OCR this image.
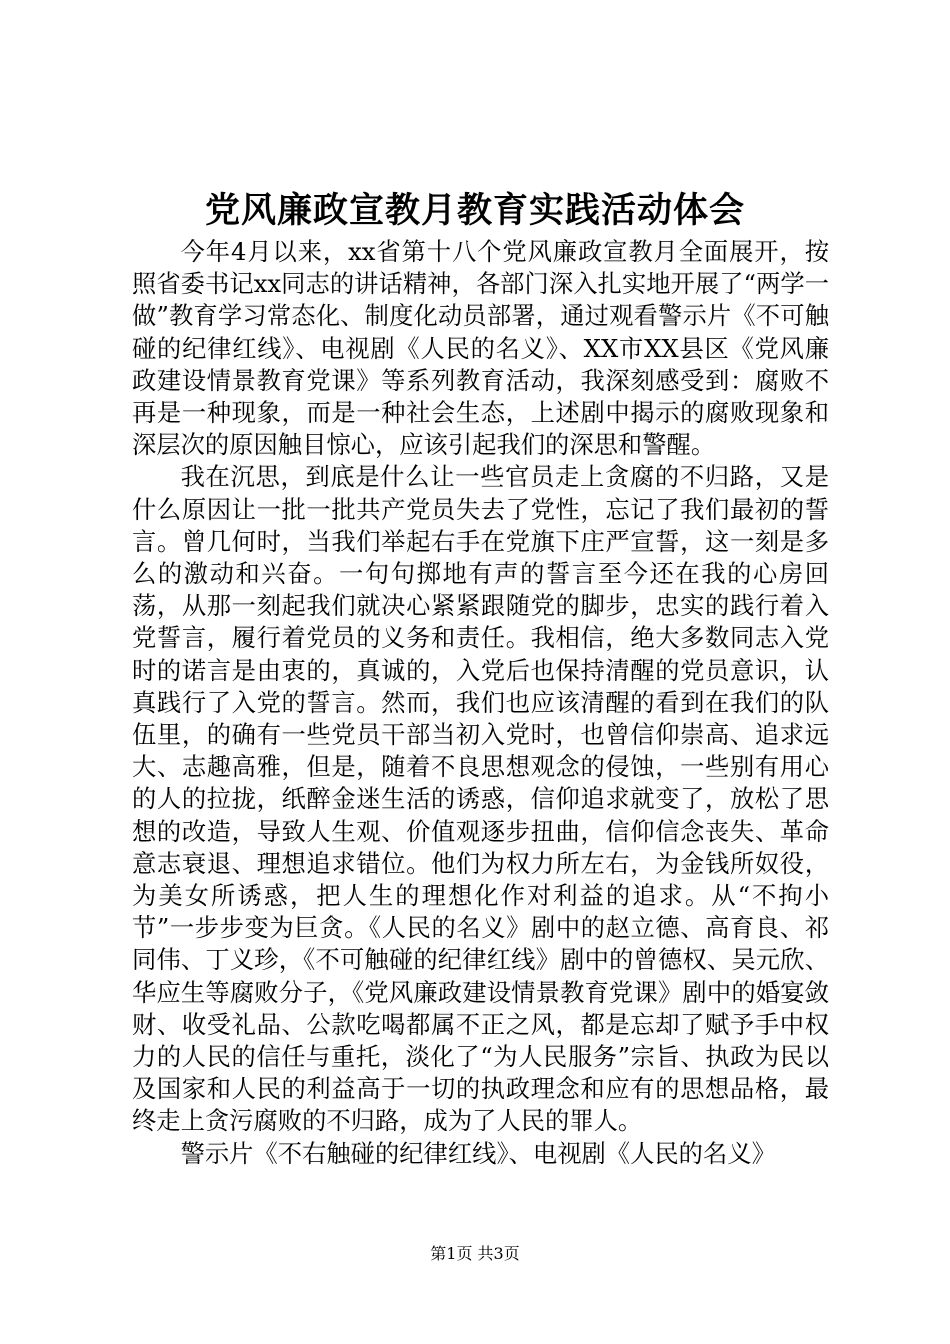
党风廉政宣教月教育实践活动体会

今年4月以来，xx省第十八个党风廉政宣教月全面展开，按照省委书记xx同志的讲话精神，各部门深入扎实地开展了“两学一做”教育学习常态化、制度化动员部署，通过观看警示片《不可触碰的纪律红线》、电视剧《人民的名义》、XX市XX县区《党风廉政建设情景教育党课》等系列教育活动，我深刻感受到：腐败不再是一种现象，而是一种社会生态，上述剧中揭示的腐败现象和深层次的原因触目惊心，应该引起我们的深思和警醒。

我在沉思，到底是什么让一些官员走上贪腐的不归路，又是什么原因让一批一批共产党员失去了党性，忘记了我们最初的誓言。曾几何时，当我们举起右手在党旗下庄严宣誓，这一刻是多么的激动和兴奋。一句句掷地有声的誓言至今还在我的心房回荡，从那一刻起我们就决心紧紧跟随党的脚步，忠实的践行着入党誓言，履行着党员的义务和责任。我相信，绝大多数同志入党时的诺言是由衷的，真诚的，入党后也保持清醒的党员意识，认真践行了入党的誓言。然而，我们也应该清醒的看到在我们的队伍里，的确有一些党员干部当初入党时，也曾信仰崇高、追求远大、志趣高雅，但是，随着不良思想观念的侵蚀，一些别有用心的人的拉拢，纸醉金迷生活的诱惑，信仰追求就变了，放松了思想的改造，导致人生观、价值观逐步扭曲，信仰信念丧失、革命意志衰退、理想追求错位。他们为权力所左右，为金钱所奴役，为美女所诱惑，把人生的理想化作对利益的追求。从“不拘小节”一步步变为巨贪。《人民的名义》剧中的赵立德、高育良、祁同伟、丁义珍，《不可触碰的纪律红线》剧中的曾德权、吴元欣、华应生等腐败分子，《党风廉政建设情景教育党课》剧中的婚宴敛财、收受礼品、公款吃喝都属不正之风，都是忘却了赋予手中权力的人民的信任与重托，淡化了“为人民服务”宗旨、执政为民以及国家和人民的利益高于一切的执政理念和应有的思想品格，最终走上贪污腐败的不归路，成为了人民的罪人。

警示片《不右触碰的纪律红线》、电视剧《人民的名义》

第1页 共3页
